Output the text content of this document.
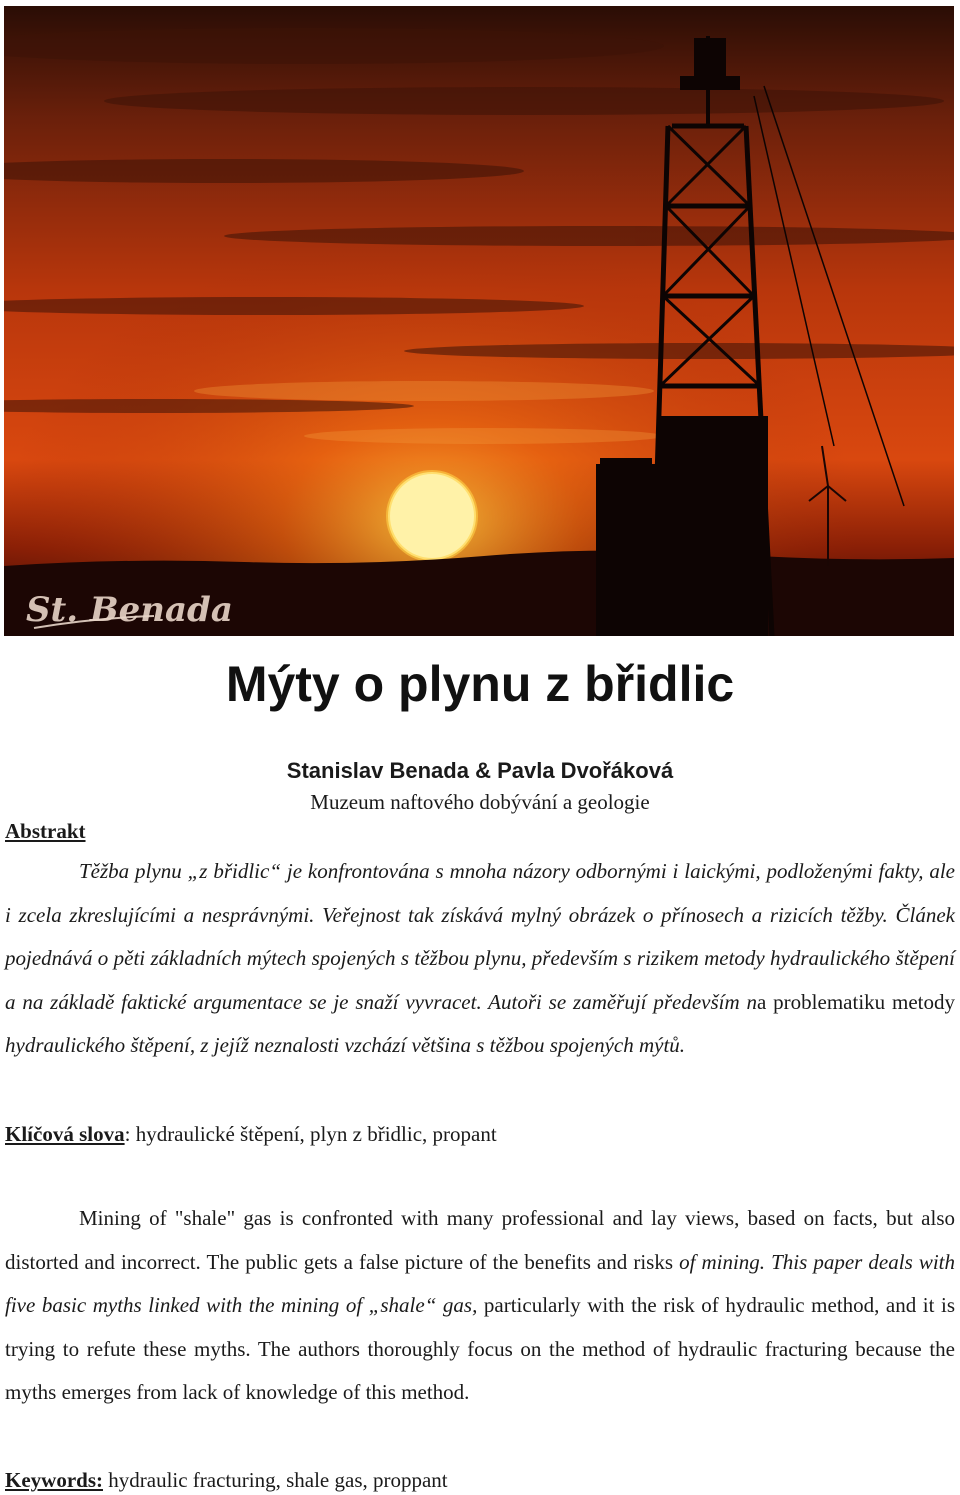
St. Benada
Mýty o plynu z břidlic
Stanislav Benada & Pavla Dvořáková
Muzeum naftového dobývání a geologie
Abstrakt

Těžba plynu „z břidlic“ je konfrontována s mnoha názory odbornými i laickými, podloženými fakty, ale i zcela zkreslujícími a nesprávnými. Veřejnost tak získává mylný obrázek o přínosech a rizicích těžby. Článek pojednává o pěti základních mýtech spojených s těžbou plynu, především s rizikem metody hydraulického štěpení a na základě faktické argumentace se je snaží vyvracet. Autoři se zaměřují především na problematiku metody hydraulického štěpení, z jejíž neznalosti vzchází většina s těžbou spojených mýtů.

Klíčová slova: hydraulické štěpení, plyn z břidlic, propant

Mining of "shale" gas is confronted with many professional and lay views, based on facts, but also distorted and incorrect. The public gets a false picture of the benefits and risks of mining. This paper deals with five basic myths linked with the mining of „shale“ gas, particularly with the risk of hydraulic method, and it is trying to refute these myths. The authors thoroughly focus on the method of hydraulic fracturing because the myths emerges from lack of knowledge of this method.

Keywords: hydraulic fracturing, shale gas, proppant
